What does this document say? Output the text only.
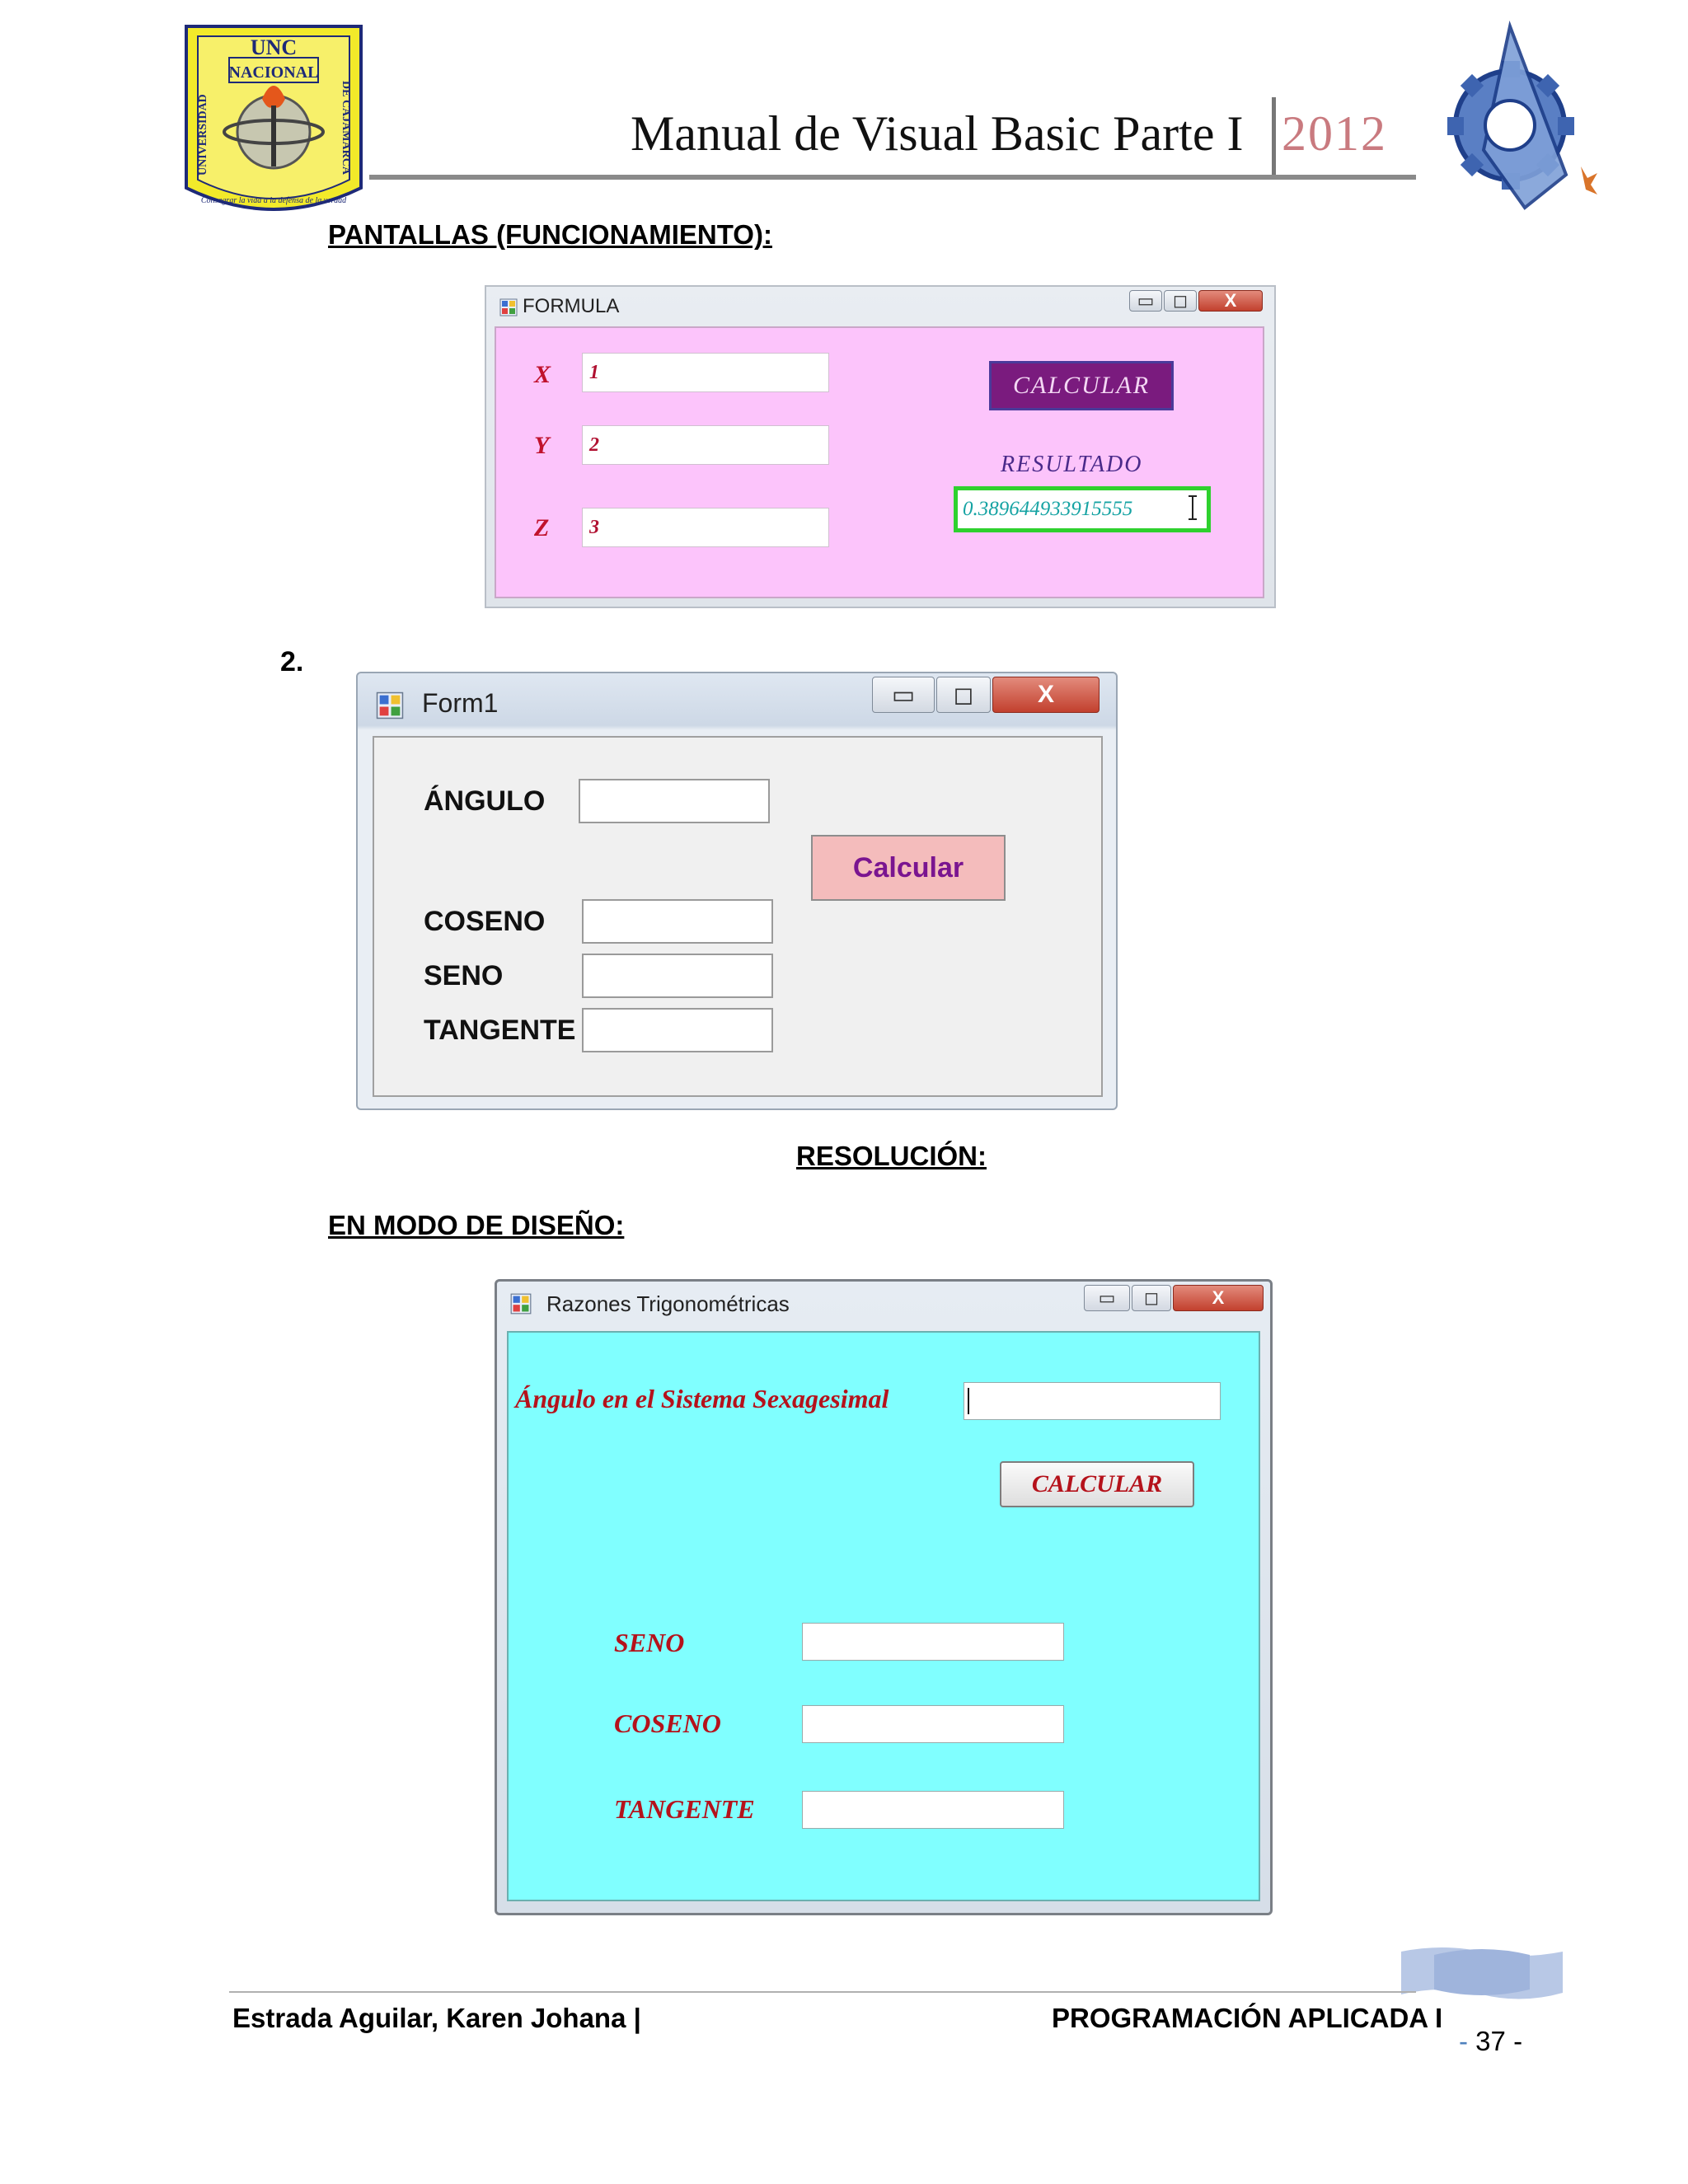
UNC
NACIONAL
UNIVERSIDAD	DE CAJAMARCA
Consagrar la vida a la defensa de la verdad
Manual de Visual Basic Parte I 2012
PANTALLAS (FUNCIONAMIENTO):
FORMULA	▭	◻	X
X	1
Y	2
Z	3
CALCULAR
RESULTADO
0.389644933915555
2.
Form1	▭	◻	X
ÁNGULO
Calcular
COSENO
SENO
TANGENTE
RESOLUCIÓN:
EN MODO DE DISEÑO:
Razones Trigonométricas	▭	◻	X
Ángulo en el Sistema Sexagesimal
CALCULAR
SENO
COSENO
TANGENTE
Estrada Aguilar, Karen Johana |	PROGRAMACIÓN APLICADA I
- 37 -
